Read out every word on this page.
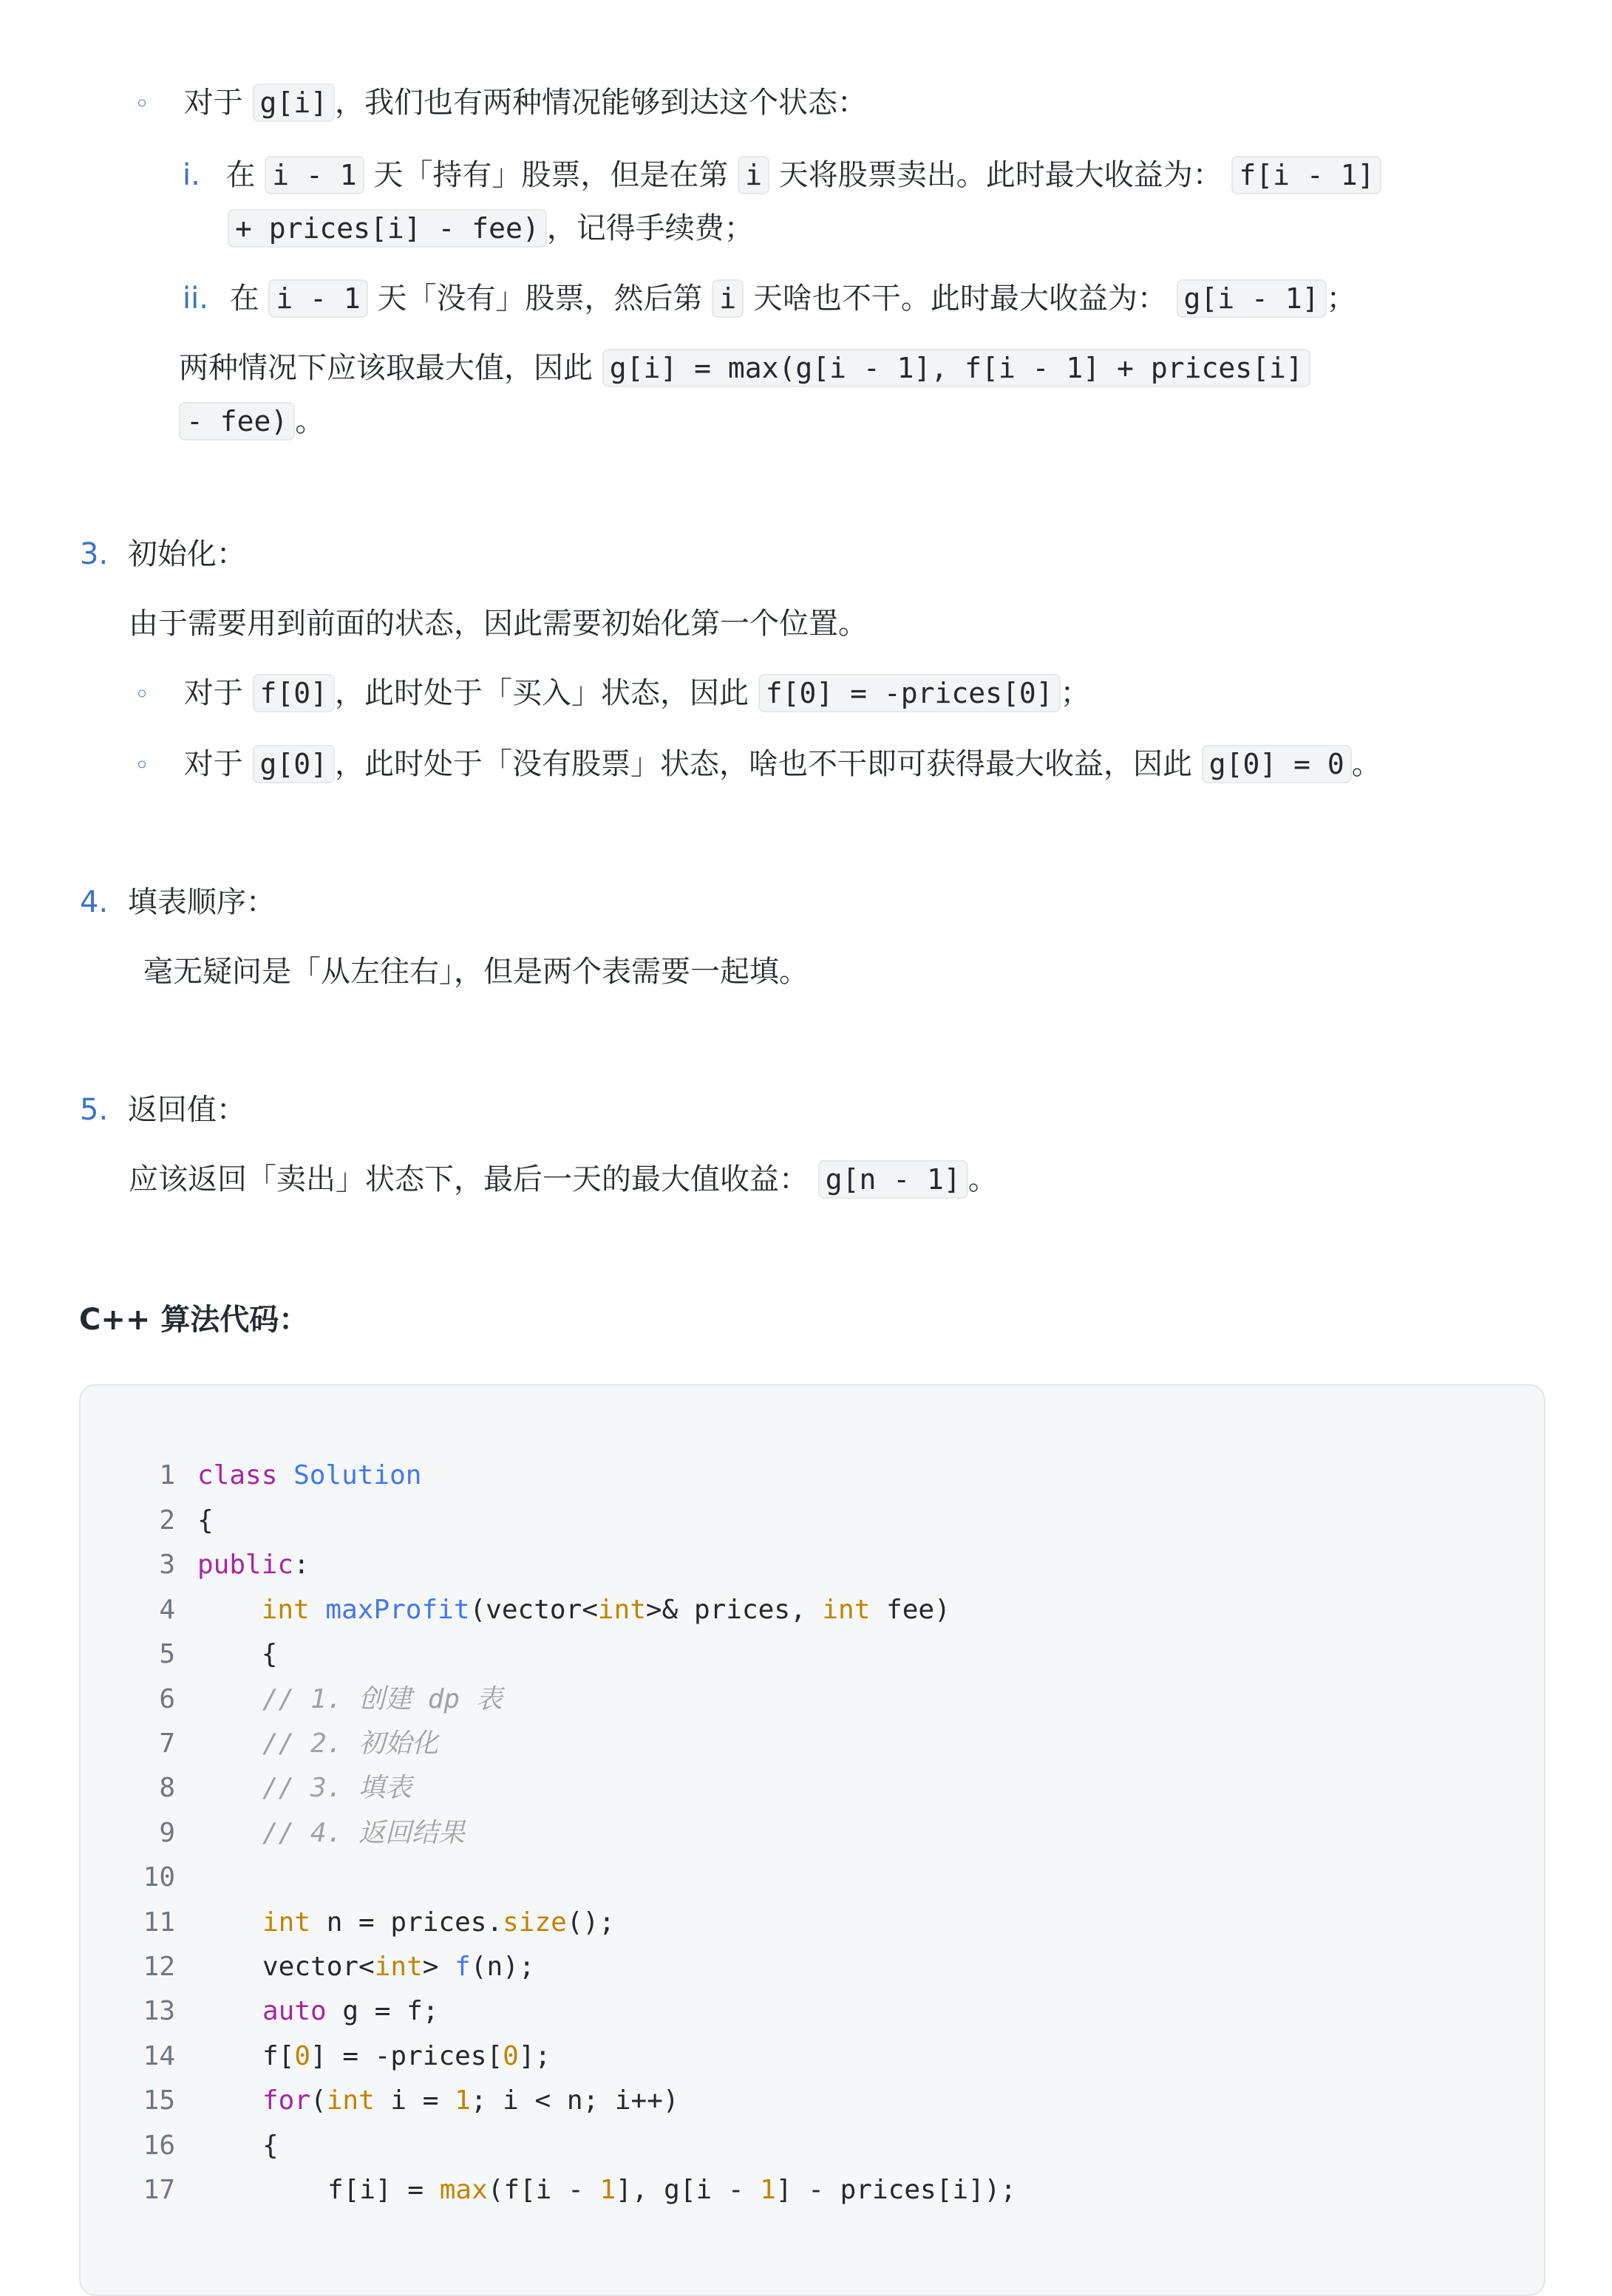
◦ 对于 g[i] ，我们也有两种情况能够到达这个状态：
i. 在 i - 1 天「持有」股票，但是在第 i 天将股票卖出。此时最大收益为： f[i - 1]
+ prices[i] - fee) ，记得手续费；
ii. 在 i - 1 天「没有」股票，然后第 i 天啥也不干。此时最大收益为： g[i - 1] ；
两种情况下应该取最大值，因此 g[i] = max(g[i - 1], f[i - 1] + prices[i]
- fee) 。
3. 初始化：
由于需要用到前面的状态，因此需要初始化第一个位置。
◦ 对于 f[0] ，此时处于「买入」状态，因此 f[0] = -prices[0] ；
◦ 对于 g[0] ，此时处于「没有股票」状态，啥也不干即可获得最大收益，因此 g[0] = 0 。
4. 填表顺序：
毫无疑问是「从左往右」，但是两个表需要一起填。
5. 返回值：
应该返回「卖出」状态下，最后一天的最大值收益： g[n - 1] 。
C++ 算法代码：
1 class Solution
2 {
3 public:
4	int maxProfit(vector<int>& prices, int fee)
5 {
6	// 1. 创建 dp 表
7	// 2. 初始化
8	// 3. 填表
9	// 4. 返回结果
10
11	int n = prices.size();
12	vector<int> f(n);
13	auto g = f;
14	f[0] = -prices[0];
15	for(int i = 1; i < n; i++)
16	{
17	f[i] = max(f[i - 1], g[i - 1] - prices[i]);
